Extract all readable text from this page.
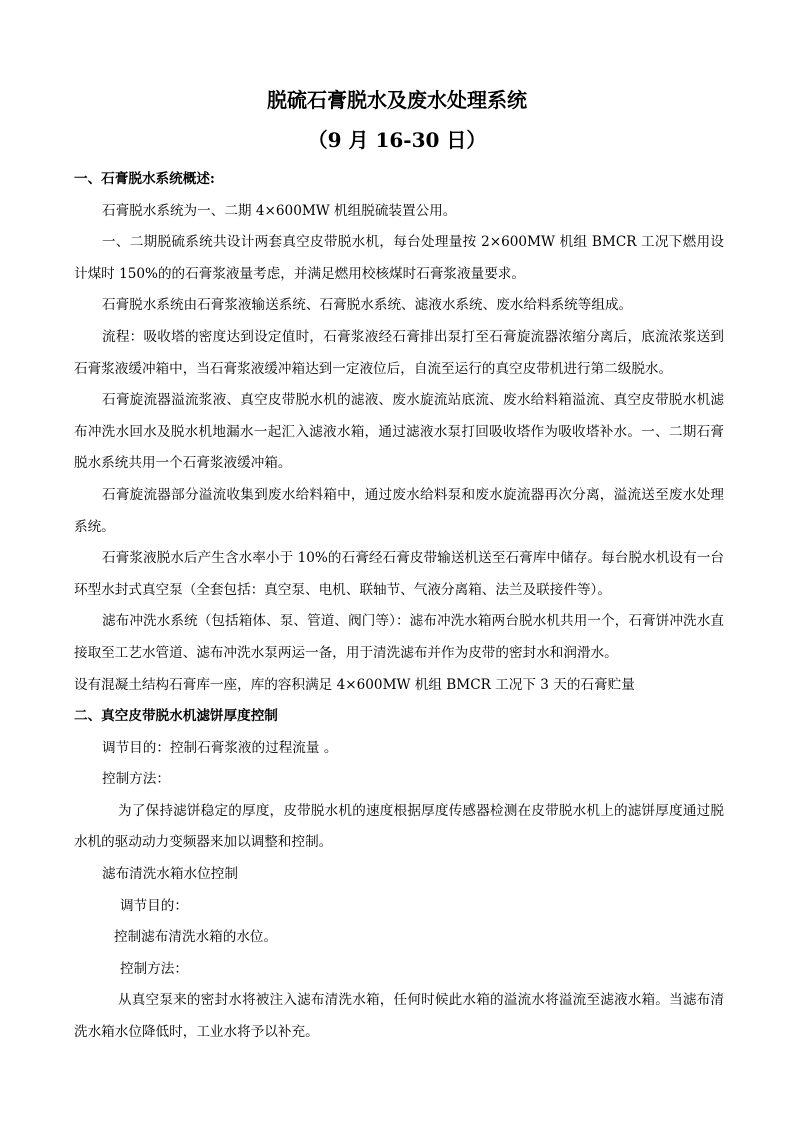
脱硫石膏脱水及废水处理系统
（9 月 16-30 日）

一、石膏脱水系统概述:

石膏脱水系统为一、二期 4×600MW 机组脱硫装置公用。

一、二期脱硫系统共设计两套真空皮带脱水机，每台处理量按 2×600MW 机组 BMCR 工况下燃用设计煤时 150%的的石膏浆液量考虑，并满足燃用校核煤时石膏浆液量要求。

石膏脱水系统由石膏浆液输送系统、石膏脱水系统、滤液水系统、废水给料系统等组成。

流程：吸收塔的密度达到设定值时，石膏浆液经石膏排出泵打至石膏旋流器浓缩分离后，底流浓浆送到石膏浆液缓冲箱中，当石膏浆液缓冲箱达到一定液位后，自流至运行的真空皮带机进行第二级脱水。

石膏旋流器溢流浆液、真空皮带脱水机的滤液、废水旋流站底流、废水给料箱溢流、真空皮带脱水机滤布冲洗水回水及脱水机地漏水一起汇入滤液水箱，通过滤液水泵打回吸收塔作为吸收塔补水。一、二期石膏脱水系统共用一个石膏浆液缓冲箱。

石膏旋流器部分溢流收集到废水给料箱中，通过废水给料泵和废水旋流器再次分离，溢流送至废水处理系统。

石膏浆液脱水后产生含水率小于 10%的石膏经石膏皮带输送机送至石膏库中储存。每台脱水机设有一台环型水封式真空泵（全套包括：真空泵、电机、联轴节、气液分离箱、法兰及联接件等）。

滤布冲洗水系统（包括箱体、泵、管道、阀门等）：滤布冲洗水箱两台脱水机共用一个，石膏饼冲洗水直接取至工艺水管道、滤布冲洗水泵两运一备，用于清洗滤布并作为皮带的密封水和润滑水。

设有混凝土结构石膏库一座，库的容积满足 4×600MW 机组 BMCR 工况下 3 天的石膏贮量

二、真空皮带脱水机滤饼厚度控制

调节目的：控制石膏浆液的过程流量 。

控制方法：

为了保持滤饼稳定的厚度，皮带脱水机的速度根据厚度传感器检测在皮带脱水机上的滤饼厚度通过脱水机的驱动动力变频器来加以调整和控制。

滤布清洗水箱水位控制

调节目的：

控制滤布清洗水箱的水位。

控制方法：

从真空泵来的密封水将被注入滤布清洗水箱，任何时候此水箱的溢流水将溢流至滤液水箱。当滤布清洗水箱水位降低时，工业水将予以补充。
